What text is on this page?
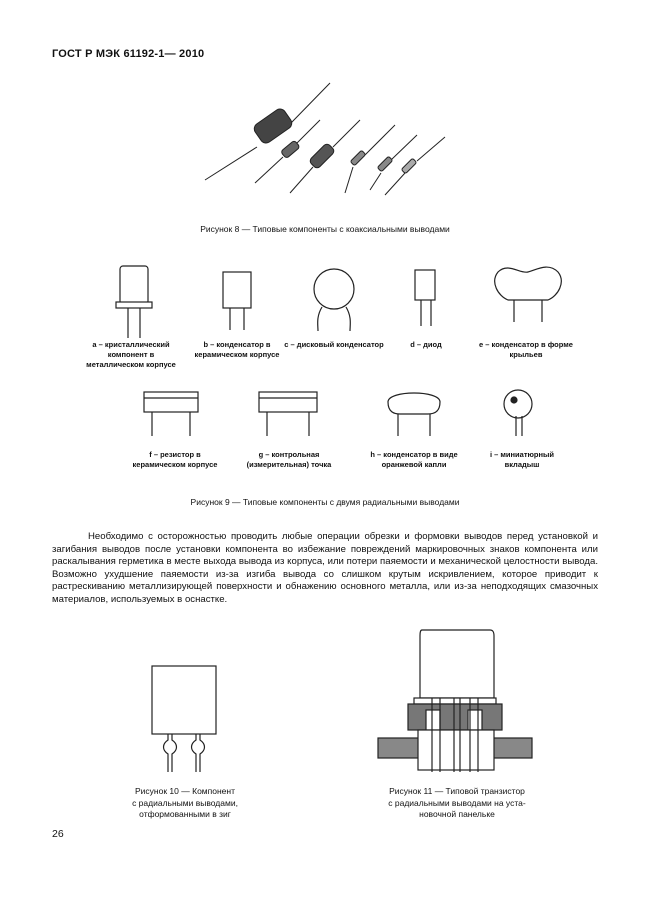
ГОСТ Р МЭК 61192-1— 2010
Рисунок 8 — Типовые компоненты с коаксиальными выводами
a – кристаллический компонент в металлическом корпусе
b – конденсатор в керамическом корпусе
c – дисковый конденсатор	d – диод	e – конденсатор в форме крыльев
f – резистор в керамическом корпусе
g – контрольная (измерительная) точка
h – конденсатор в виде оранжевой капли
i – миниатюрный вкладыш
Рисунок 9 — Типовые компоненты с двумя радиальными выводами

Необходимо с осторожностью проводить любые операции обрезки и формовки выводов перед установкой и загибания выводов после установки компонента во избежание повреждений маркировочных знаков компонента или раскалывания герметика в месте выхода вывода из корпуса, или потери паяемости и механической целостности вывода. Возможно ухудшение паяемости из-за изгиба вывода со слишком крутым искривлением, которое приводит к растрескиванию металлизирующей поверхности и обнажению основного металла, или из-за неподходящих смазочных материалов, используемых в оснастке.

Рисунок 10 — Компонент
с радиальными выводами,
отформованными в зиг
Рисунок 11 — Типовой транзистор
с радиальными выводами на уста-
новочной панельке
26
